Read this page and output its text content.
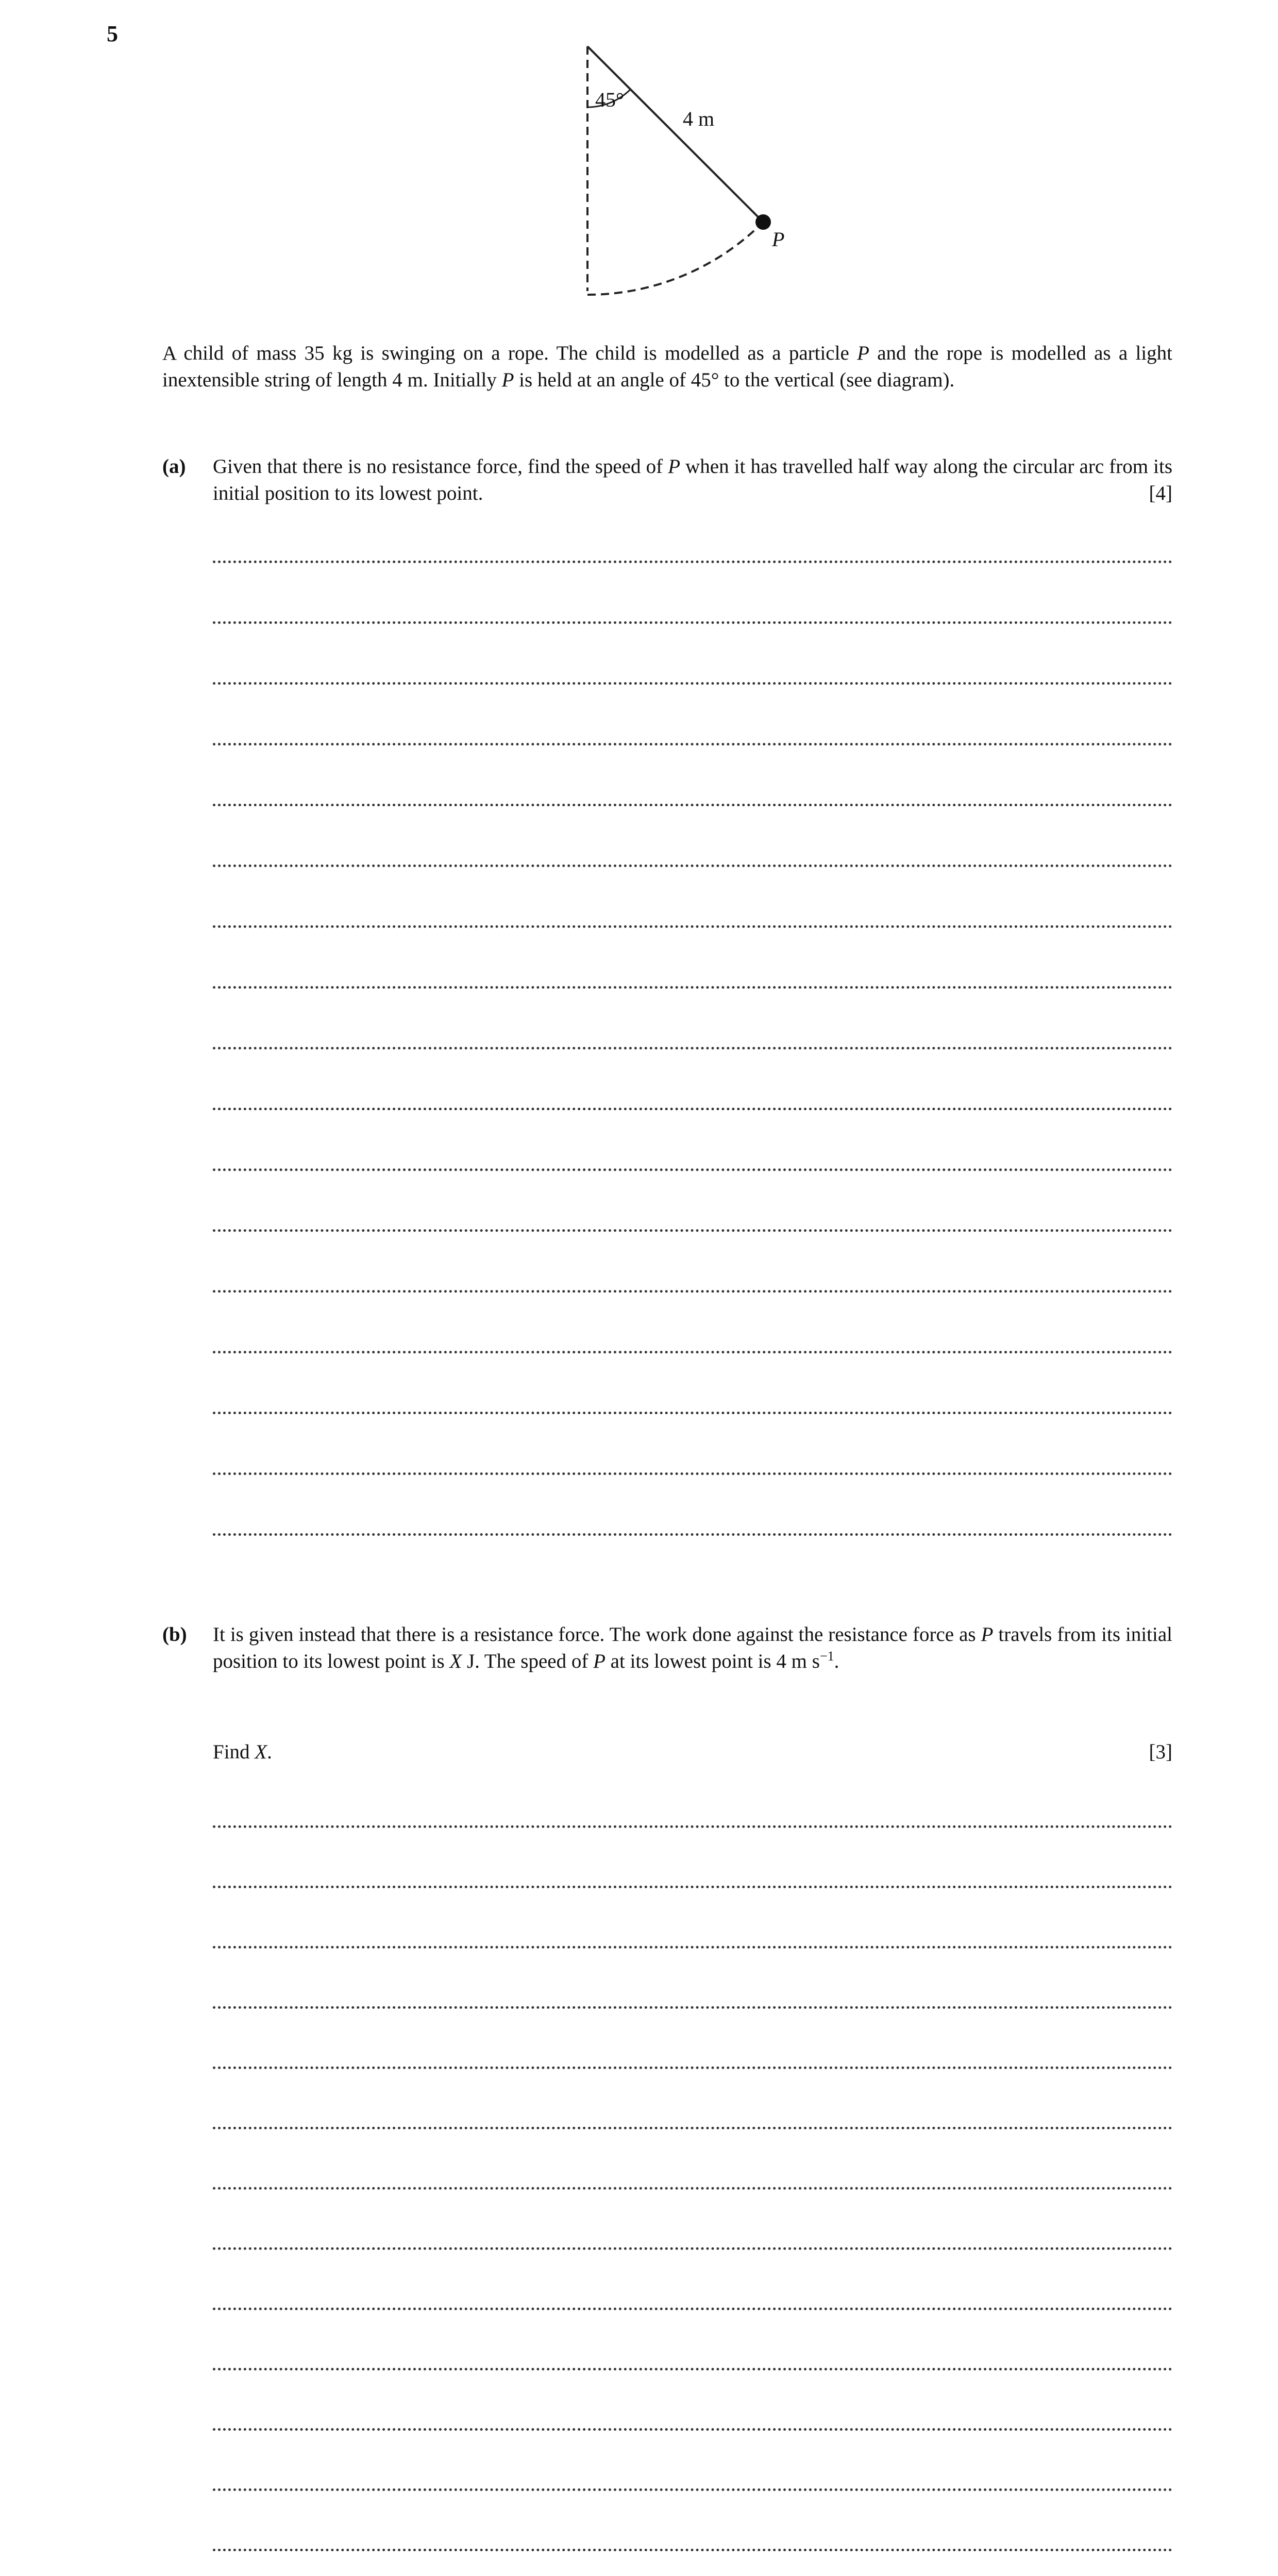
5
45°
4 m
P
A child of mass 35 kg is swinging on a rope. The child is modelled as a particle P and the rope is modelled as a light inextensible string of length 4 m. Initially P is held at an angle of 45° to the vertical (see diagram).
(a) Given that there is no resistance force, find the speed of P when it has travelled half way along the circular arc from its initial position to its lowest point.	[4]
(b) It is given instead that there is a resistance force. The work done against the resistance force as P travels from its initial position to its lowest point is X J. The speed of P at its lowest point is 4 m $s^{-1}$.
Find X.	[3]
